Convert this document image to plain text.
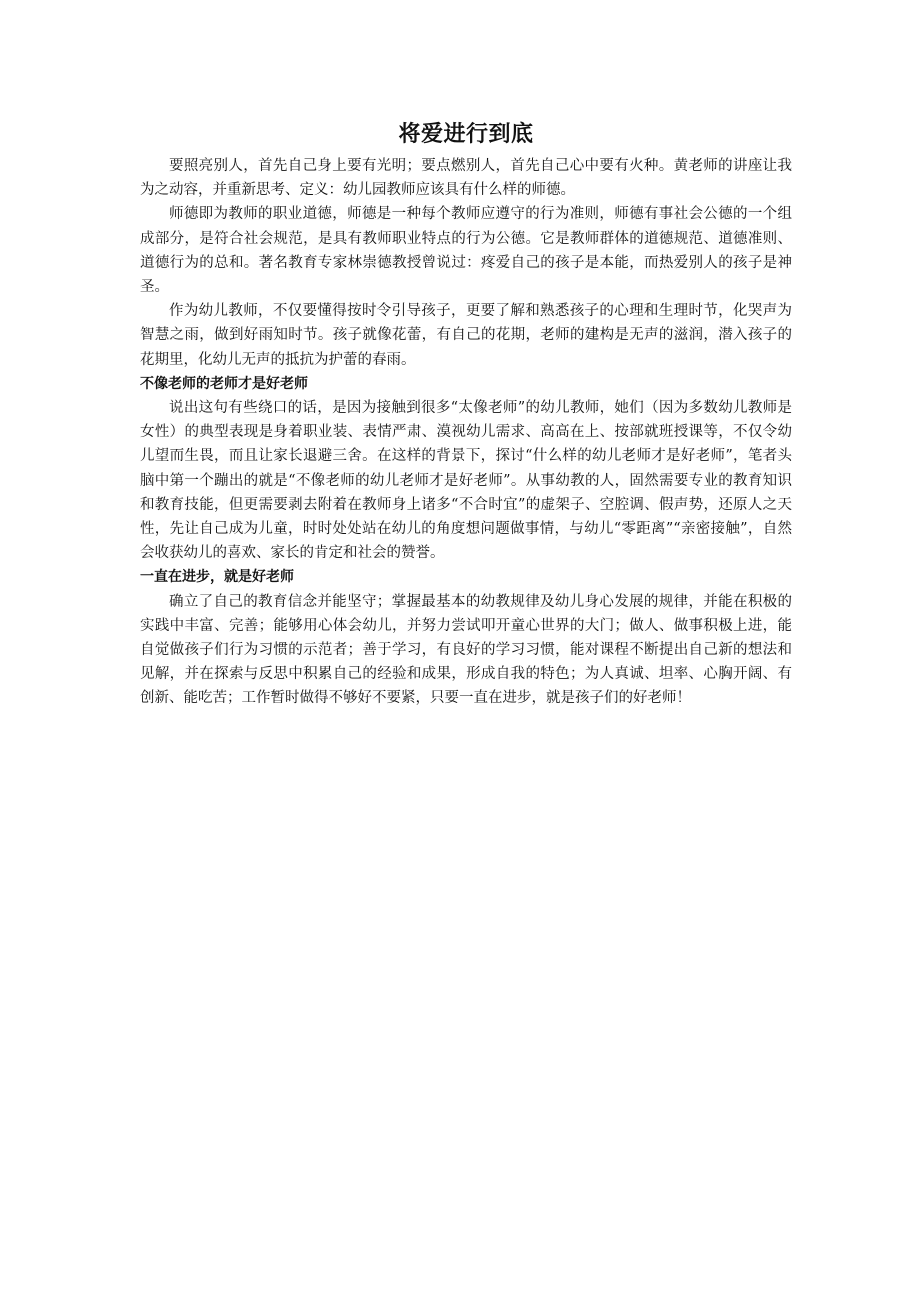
将爱进行到底

要照亮别人，首先自己身上要有光明；要点燃别人，首先自己心中要有火种。黄老师的讲座让我为之动容，并重新思考、定义：幼儿园教师应该具有什么样的师德。

师德即为教师的职业道德，师德是一种每个教师应遵守的行为准则，师德有事社会公德的一个组成部分，是符合社会规范，是具有教师职业特点的行为公德。它是教师群体的道德规范、道德准则、道德行为的总和。著名教育专家林崇德教授曾说过：疼爱自己的孩子是本能，而热爱别人的孩子是神圣。

作为幼儿教师，不仅要懂得按时令引导孩子，更要了解和熟悉孩子的心理和生理时节，化哭声为智慧之雨，做到好雨知时节。孩子就像花蕾，有自己的花期，老师的建构是无声的滋润，潜入孩子的花期里，化幼儿无声的抵抗为护蕾的春雨。

不像老师的老师才是好老师

说出这句有些绕口的话，是因为接触到很多“太像老师”的幼儿教师，她们（因为多数幼儿教师是女性）的典型表现是身着职业装、表情严肃、漠视幼儿需求、高高在上、按部就班授课等，不仅令幼儿望而生畏，而且让家长退避三舍。在这样的背景下，探讨“什么样的幼儿老师才是好老师”，笔者头脑中第一个蹦出的就是“不像老师的幼儿老师才是好老师”。从事幼教的人，固然需要专业的教育知识和教育技能，但更需要剥去附着在教师身上诸多“不合时宜”的虚架子、空腔调、假声势，还原人之天性，先让自己成为儿童，时时处处站在幼儿的角度想问题做事情，与幼儿“零距离”“亲密接触”，自然会收获幼儿的喜欢、家长的肯定和社会的赞誉。

一直在进步，就是好老师

确立了自己的教育信念并能坚守；掌握最基本的幼教规律及幼儿身心发展的规律，并能在积极的实践中丰富、完善；能够用心体会幼儿，并努力尝试叩开童心世界的大门；做人、做事积极上进，能自觉做孩子们行为习惯的示范者；善于学习，有良好的学习习惯，能对课程不断提出自己新的想法和见解，并在探索与反思中积累自己的经验和成果，形成自我的特色；为人真诚、坦率、心胸开阔、有创新、能吃苦；工作暂时做得不够好不要紧，只要一直在进步，就是孩子们的好老师！
